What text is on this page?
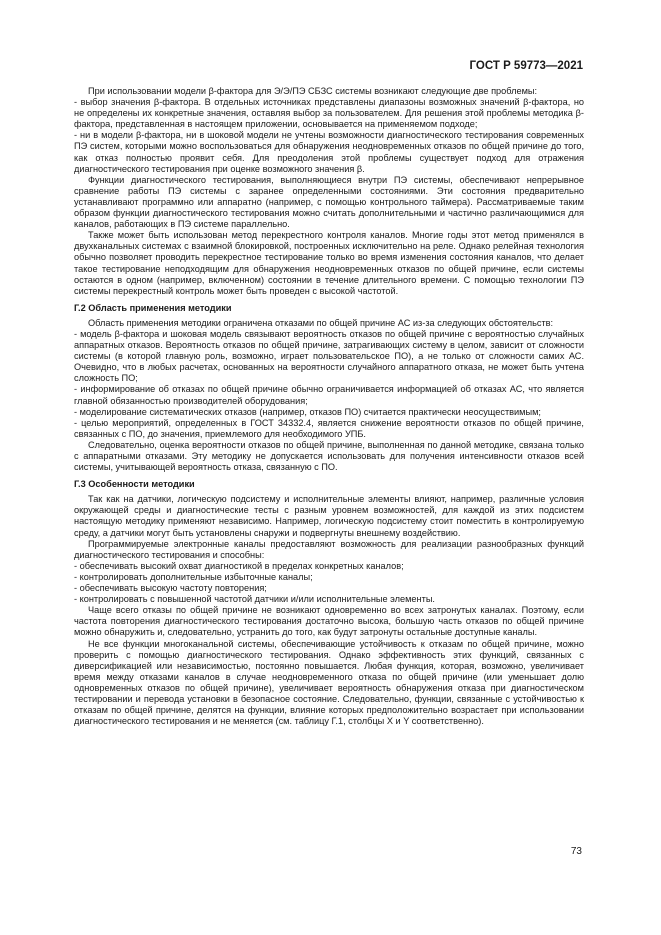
ГОСТ Р 59773—2021

При использовании модели β-фактора для Э/Э/ПЭ СБЗС системы возникают следующие две проблемы:

- выбор значения β-фактора. В отдельных источниках представлены диапазоны возможных значений β-фактора, но не определены их конкретные значения, оставляя выбор за пользователем. Для решения этой проблемы методика β-фактора, представленная в настоящем приложении, основывается на применяемом подходе;

- ни в модели β-фактора, ни в шоковой модели не учтены возможности диагностического тестирования современных ПЭ систем, которыми можно воспользоваться для обнаружения неодновременных отказов по общей причине до того, как отказ полностью проявит себя. Для преодоления этой проблемы существует подход для отражения диагностического тестирования при оценке возможного значения β.

Функции диагностического тестирования, выполняющиеся внутри ПЭ системы, обеспечивают непрерывное сравнение работы ПЭ системы с заранее определенными состояниями. Эти состояния предварительно устанавливают программно или аппаратно (например, с помощью контрольного таймера). Рассматриваемые таким образом функции диагностического тестирования можно считать дополнительными и частично различающимися для каналов, работающих в ПЭ системе параллельно.

Также может быть использован метод перекрестного контроля каналов. Многие годы этот метод применялся в двухканальных системах с взаимной блокировкой, построенных исключительно на реле. Однако релейная технология обычно позволяет проводить перекрестное тестирование только во время изменения состояния каналов, что делает такое тестирование неподходящим для обнаружения неодновременных отказов по общей причине, если системы остаются в одном (например, включенном) состоянии в течение длительного времени. С помощью технологии ПЭ системы перекрестный контроль может быть проведен с высокой частотой.

Г.2 Область применения методики

Область применения методики ограничена отказами по общей причине АС из-за следующих обстоятельств:

- модель β-фактора и шоковая модель связывают вероятность отказов по общей причине с вероятностью случайных аппаратных отказов. Вероятность отказов по общей причине, затрагивающих систему в целом, зависит от сложности системы (в которой главную роль, возможно, играет пользовательское ПО), а не только от сложности самих АС. Очевидно, что в любых расчетах, основанных на вероятности случайного аппаратного отказа, не может быть учтена сложность ПО;

- информирование об отказах по общей причине обычно ограничивается информацией об отказах АС, что является главной обязанностью производителей оборудования;

- моделирование систематических отказов (например, отказов ПО) считается практически неосуществимым;

- целью мероприятий, определенных в ГОСТ 34332.4, является снижение вероятности отказов по общей причине, связанных с ПО, до значения, приемлемого для необходимого УПБ.

Следовательно, оценка вероятности отказов по общей причине, выполненная по данной методике, связана только с аппаратными отказами. Эту методику не допускается использовать для получения интенсивности отказов всей системы, учитывающей вероятность отказа, связанную с ПО.

Г.3 Особенности методики

Так как на датчики, логическую подсистему и исполнительные элементы влияют, например, различные условия окружающей среды и диагностические тесты с разным уровнем возможностей, для каждой из этих подсистем настоящую методику применяют независимо. Например, логическую подсистему стоит поместить в контролируемую среду, а датчики могут быть установлены снаружи и подвергнуты внешнему воздействию.

Программируемые электронные каналы предоставляют возможность для реализации разнообразных функций диагностического тестирования и способны:

- обеспечивать высокий охват диагностикой в пределах конкретных каналов;

- контролировать дополнительные избыточные каналы;

- обеспечивать высокую частоту повторения;

- контролировать с повышенной частотой датчики и/или исполнительные элементы.

Чаще всего отказы по общей причине не возникают одновременно во всех затронутых каналах. Поэтому, если частота повторения диагностического тестирования достаточно высока, большую часть отказов по общей причине можно обнаружить и, следовательно, устранить до того, как будут затронуты остальные доступные каналы.

Не все функции многоканальной системы, обеспечивающие устойчивость к отказам по общей причине, можно проверить с помощью диагностического тестирования. Однако эффективность этих функций, связанных с диверсификацией или независимостью, постоянно повышается. Любая функция, которая, возможно, увеличивает время между отказами каналов в случае неодновременного отказа по общей причине (или уменьшает долю одновременных отказов по общей причине), увеличивает вероятность обнаружения отказа при диагностическом тестировании и перевода установки в безопасное состояние. Следовательно, функции, связанные с устойчивостью к отказам по общей причине, делятся на функции, влияние которых предположительно возрастает при использовании диагностического тестирования и не меняется (см. таблицу Г.1, столбцы X и Y соответственно).

73
